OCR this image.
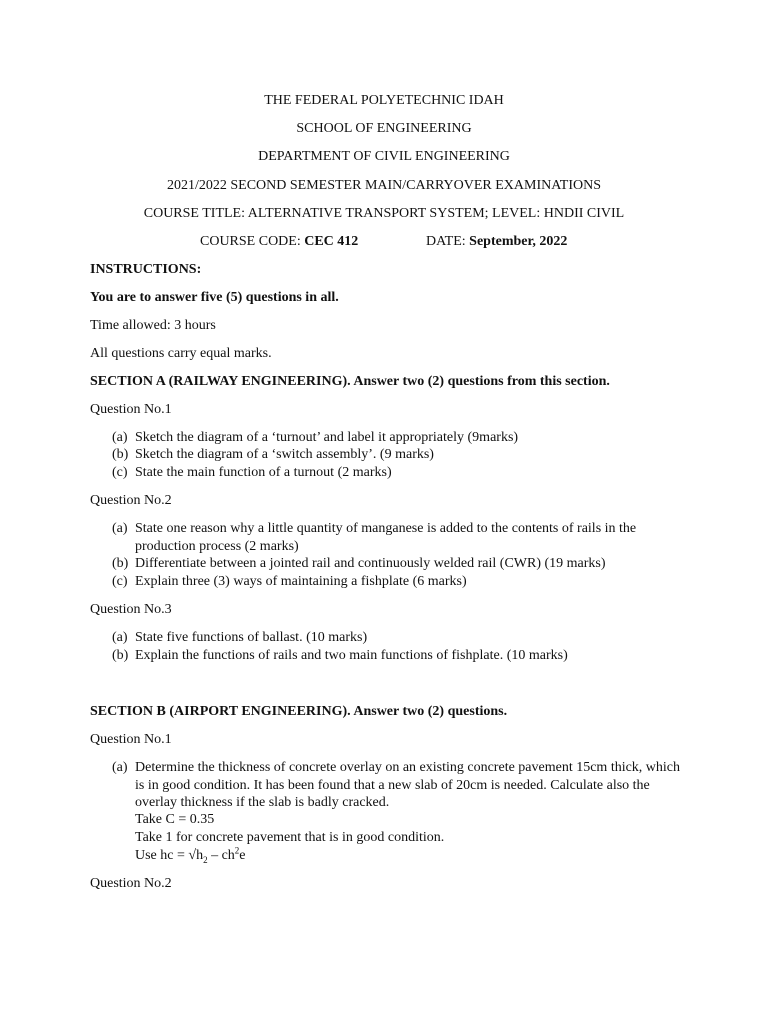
THE FEDERAL POLYETECHNIC IDAH
SCHOOL OF ENGINEERING
DEPARTMENT OF CIVIL ENGINEERING
2021/2022 SECOND SEMESTER MAIN/CARRYOVER EXAMINATIONS
COURSE TITLE: ALTERNATIVE TRANSPORT SYSTEM; LEVEL: HNDII CIVIL
COURSE CODE: CEC 412	DATE: September, 2022
INSTRUCTIONS:
You are to answer five (5) questions in all.
Time allowed: 3 hours
All questions carry equal marks.
SECTION A (RAILWAY ENGINEERING). Answer two (2) questions from this section.
Question No.1
(a) Sketch the diagram of a ‘turnout’ and label it appropriately (9marks)
(b) Sketch the diagram of a ‘switch assembly’. (9 marks)
(c) State the main function of a turnout (2 marks)
Question No.2
(a) State one reason why a little quantity of manganese is added to the contents of rails in the
production process (2 marks)
(b) Differentiate between a jointed rail and continuously welded rail (CWR) (19 marks)
(c) Explain three (3) ways of maintaining a fishplate (6 marks)
Question No.3
(a) State five functions of ballast. (10 marks)
(b) Explain the functions of rails and two main functions of fishplate. (10 marks)
SECTION B (AIRPORT ENGINEERING). Answer two (2) questions.
Question No.1
(a) Determine the thickness of concrete overlay on an existing concrete pavement 15cm thick, which
is in good condition. It has been found that a new slab of 20cm is needed. Calculate also the
overlay thickness if the slab is badly cracked.
Take C = 0.35
Take 1 for concrete pavement that is in good condition.
Use hc = $√h_2 - ch^2e$
Question No.2
